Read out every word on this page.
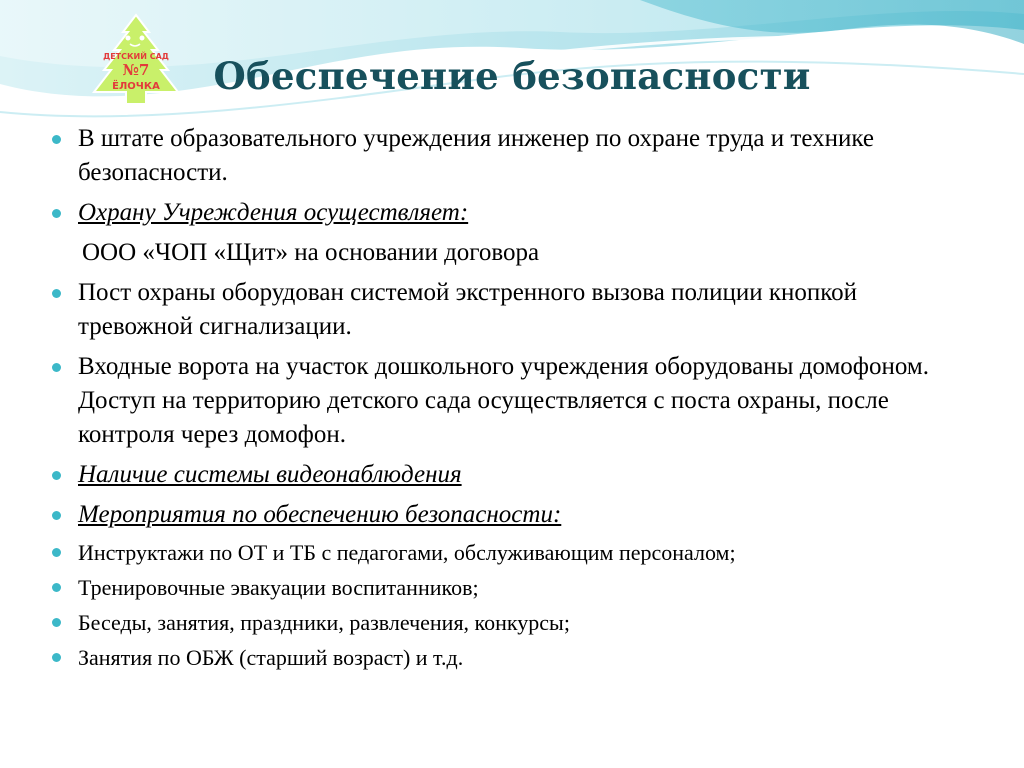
ДЕТСКИЙ САД
№7
ЁЛОЧКА Обеспечение безопасности

В штате образовательного учреждения инженер по охране труда и технике безопасности.

Охрану Учреждения осуществляет:

ООО «ЧОП «Щит» на основании договора

Пост охраны оборудован системой экстренного вызова полиции кнопкой тревожной сигнализации.

Входные ворота на участок дошкольного учреждения оборудованы домофоном. Доступ на территорию детского сада осуществляется с поста охраны, после контроля через домофон.

Наличие системы видеонаблюдения

Мероприятия по обеспечению безопасности:

Инструктажи по ОТ и ТБ с педагогами, обслуживающим персоналом;

Тренировочные эвакуации воспитанников;

Беседы, занятия, праздники, развлечения, конкурсы;

Занятия по ОБЖ (старший возраст) и т.д.
